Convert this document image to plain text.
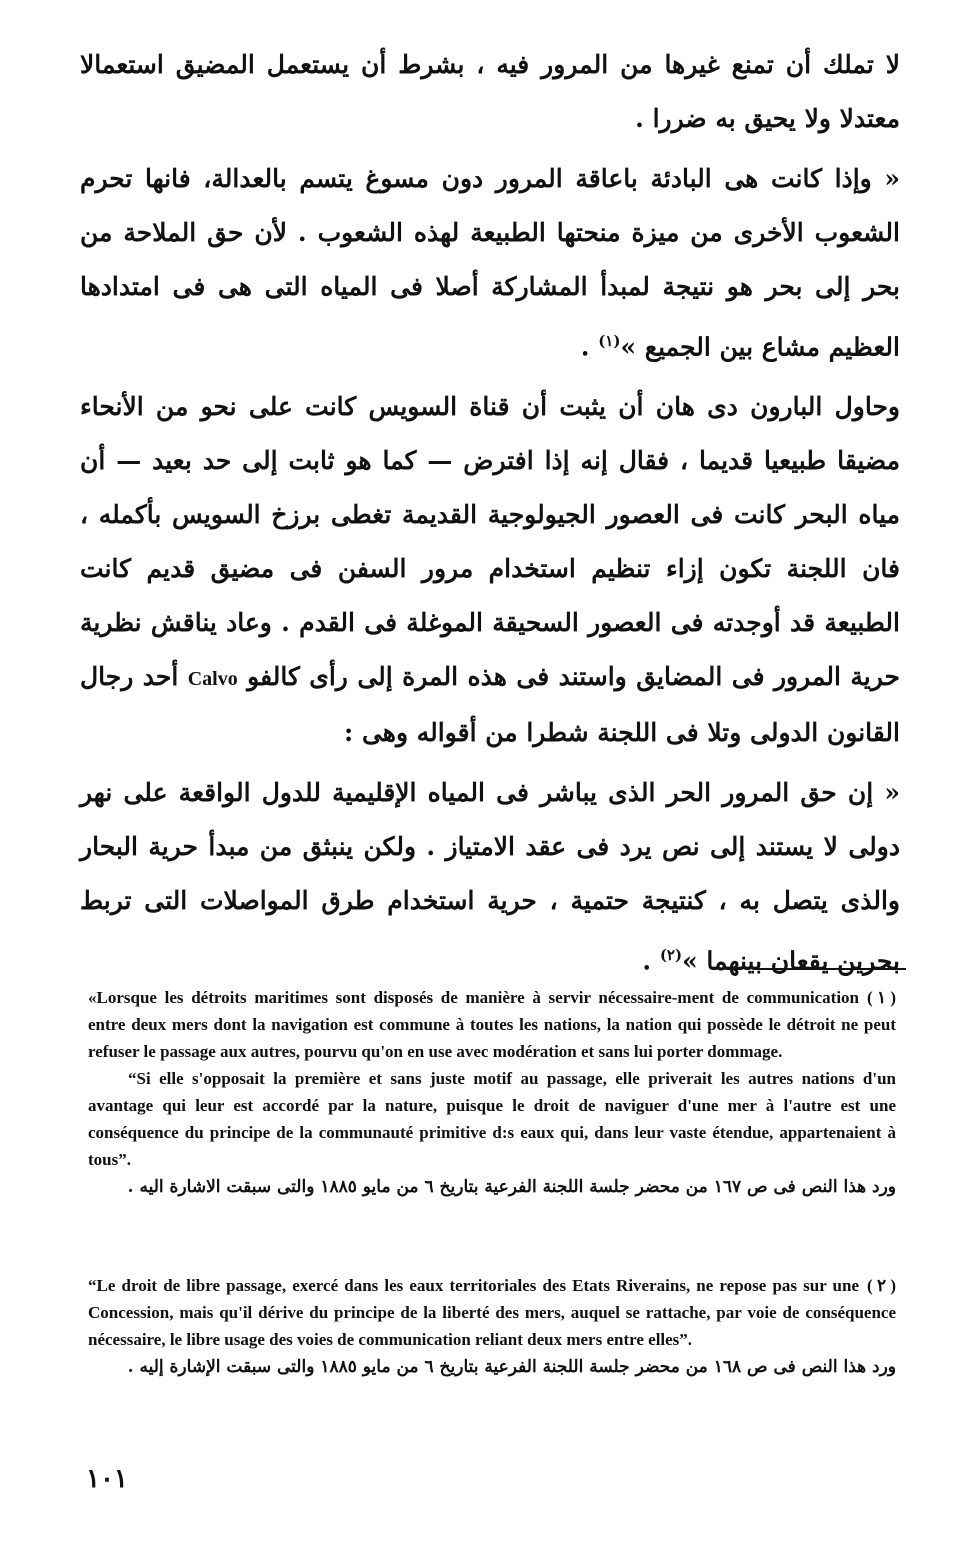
لا تملك أن تمنع غيرها من المرور فيه ، بشرط أن يستعمل المضيق استعمالا معتدلا ولا يحيق به ضررا .

« وإذا كانت هى البادئة باعاقة المرور دون مسوغ يتسم بالعدالة، فانها تحرم الشعوب الأخرى من ميزة منحتها الطبيعة لهذه الشعوب . لأن حق الملاحة من بحر إلى بحر هو نتيجة لمبدأ المشاركة أصلا فى المياه التى هى فى امتدادها العظيم مشاع بين الجميع »$^{(١)}$ .

وحاول البارون دى هان أن يثبت أن قناة السويس كانت على نحو من الأنحاء مضيقا طبيعيا قديما ، فقال إنه إذا افترض — كما هو ثابت إلى حد بعيد — أن مياه البحر كانت فى العصور الجيولوجية القديمة تغطى برزخ السويس بأكمله ، فان اللجنة تكون إزاء تنظيم استخدام مرور السفن فى مضيق قديم كانت الطبيعة قد أوجدته فى العصور السحيقة الموغلة فى القدم . وعاد يناقش نظرية حرية المرور فى المضايق واستند فى هذه المرة إلى رأى كالفو Calvo أحد رجال القانون الدولى وتلا فى اللجنة شطرا من أقواله وهى :

« إن حق المرور الحر الذى يباشر فى المياه الإقليمية للدول الواقعة على نهر دولى لا يستند إلى نص يرد فى عقد الامتياز . ولكن ينبثق من مبدأ حرية البحار والذى يتصل به ، كنتيجة حتمية ، حرية استخدام طرق المواصلات التى تربط بحرين يقعان بينهما »$^{(٢)}$ .

( ١ )
«Lorsque les détroits maritimes sont disposés de manière à servir nécessaire-ment de communication entre deux mers dont la navigation est commune à toutes les nations, la nation qui possède le détroit ne peut refuser le passage aux autres, pourvu qu'on en use avec modération et sans lui porter dommage.

“Si elle s'opposait la première et sans juste motif au passage, elle priverait les autres nations d'un avantage qui leur est accordé par la nature, puisque le droit de naviguer d'une mer à l'autre est une conséquence du principe de la communauté primitive d:s eaux qui, dans leur vaste étendue, appartenaient à tous”.

ورد هذا النص فى ص ١٦٧ من محضر جلسة اللجنة الفرعية بتاريخ ٦ من مايو ١٨٨٥ والتى سبقت الاشارة اليه .

( ٢ )
“Le droit de libre passage, exercé dans les eaux territoriales des Etats Riverains, ne repose pas sur une Concession, mais qu'il dérive du principe de la liberté des mers, auquel se rattache, par voie de conséquence nécessaire, le libre usage des voies de communication reliant deux mers entre elles”.

ورد هذا النص فى ص ١٦٨ من محضر جلسة اللجنة الفرعية بتاريخ ٦ من مايو ١٨٨٥ والتى سبقت الإشارة إليه .
١٠١
